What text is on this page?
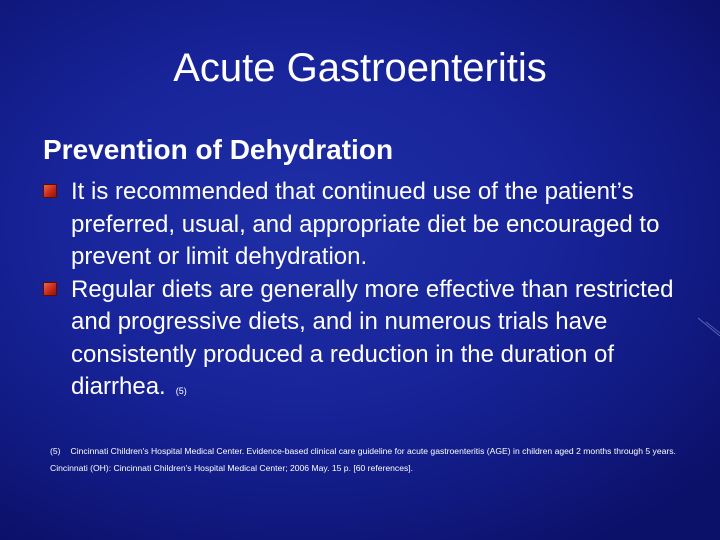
Acute Gastroenteritis
Prevention of Dehydration
It is recommended that continued use of the patient’s preferred, usual, and appropriate diet be encouraged to prevent or limit dehydration.
Regular diets are generally more effective than restricted and progressive diets, and in numerous trials have consistently produced a reduction in the duration of diarrhea. (5)
(5) Cincinnati Children's Hospital Medical Center. Evidence-based clinical care guideline for acute gastroenteritis (AGE) in children aged 2 months through 5 years. Cincinnati (OH): Cincinnati Children's Hospital Medical Center; 2006 May. 15 p. [60 references].
